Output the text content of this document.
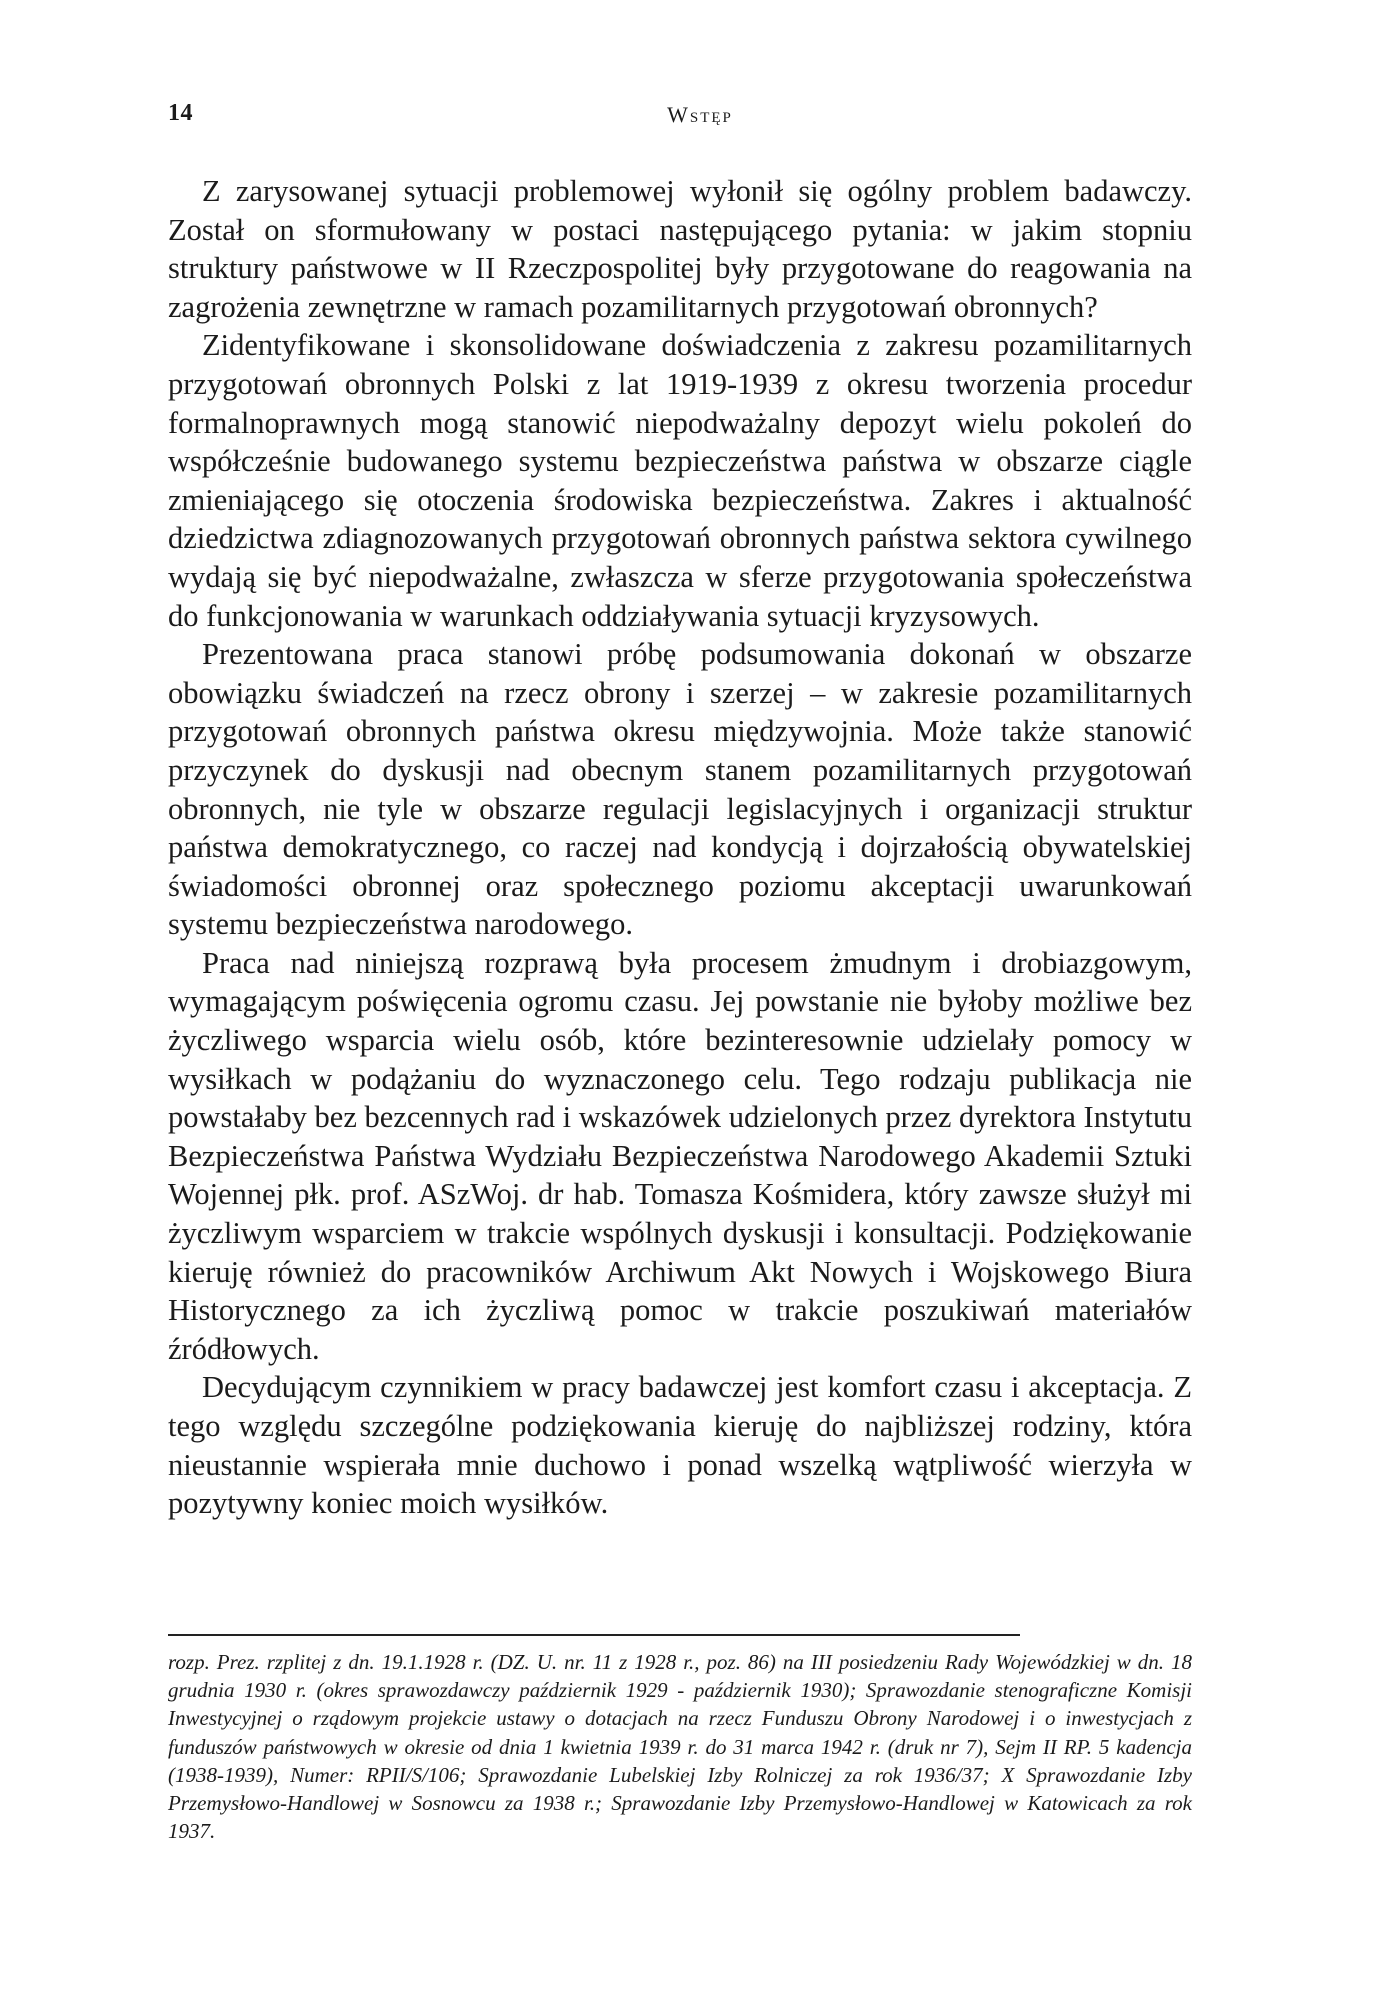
14	Wstęp

Z zarysowanej sytuacji problemowej wyłonił się ogólny problem badawczy. Został on sformułowany w postaci następującego pytania: w jakim stopniu struktury państwowe w II Rzeczpospolitej były przygotowane do reagowania na zagrożenia zewnętrzne w ramach pozamilitarnych przygotowań obronnych?

Zidentyfikowane i skonsolidowane doświadczenia z zakresu pozamilitarnych przygotowań obronnych Polski z lat 1919-1939 z okresu tworzenia procedur formalnoprawnych mogą stanowić niepodważalny depozyt wielu pokoleń do współcześnie budowanego systemu bezpieczeństwa państwa w obszarze ciągle zmieniającego się otoczenia środowiska bezpieczeństwa. Zakres i aktualność dziedzictwa zdiagnozowanych przygotowań obronnych państwa sektora cywilnego wydają się być niepodważalne, zwłaszcza w sferze przygotowania społeczeństwa do funkcjonowania w warunkach oddziaływania sytuacji kryzysowych.

Prezentowana praca stanowi próbę podsumowania dokonań w obszarze obowiązku świadczeń na rzecz obrony i szerzej – w zakresie pozamilitarnych przygotowań obronnych państwa okresu międzywojnia. Może także stanowić przyczynek do dyskusji nad obecnym stanem pozamilitarnych przygotowań obronnych, nie tyle w obszarze regulacji legislacyjnych i organizacji struktur państwa demokratycznego, co raczej nad kondycją i dojrzałością obywatelskiej świadomości obronnej oraz społecznego poziomu akceptacji uwarunkowań systemu bezpieczeństwa narodowego.

Praca nad niniejszą rozprawą była procesem żmudnym i drobiazgowym, wymagającym poświęcenia ogromu czasu. Jej powstanie nie byłoby możliwe bez życzliwego wsparcia wielu osób, które bezinteresownie udzielały pomocy w wysiłkach w podążaniu do wyznaczonego celu. Tego rodzaju publikacja nie powstałaby bez bezcennych rad i wskazówek udzielonych przez dyrektora Instytutu Bezpieczeństwa Państwa Wydziału Bezpieczeństwa Narodowego Akademii Sztuki Wojennej płk. prof. ASzWoj. dr hab. Tomasza Kośmidera, który zawsze służył mi życzliwym wsparciem w trakcie wspólnych dyskusji i konsultacji. Podziękowanie kieruję również do pracowników Archiwum Akt Nowych i Wojskowego Biura Historycznego za ich życzliwą pomoc w trakcie poszukiwań materiałów źródłowych.

Decydującym czynnikiem w pracy badawczej jest komfort czasu i akceptacja. Z tego względu szczególne podziękowania kieruję do najbliższej rodziny, która nieustannie wspierała mnie duchowo i ponad wszelką wątpliwość wierzyła w pozytywny koniec moich wysiłków.

rozp. Prez. rzplitej z dn. 19.1.1928 r. (DZ. U. nr. 11 z 1928 r., poz. 86) na III posiedzeniu Rady Wojewódzkiej w dn. 18 grudnia 1930 r. (okres sprawozdawczy październik 1929 - październik 1930); Sprawozdanie stenograficzne Komisji Inwestycyjnej o rządowym projekcie ustawy o dotacjach na rzecz Funduszu Obrony Narodowej i o inwestycjach z funduszów państwowych w okresie od dnia 1 kwietnia 1939 r. do 31 marca 1942 r. (druk nr 7), Sejm II RP. 5 kadencja (1938-1939), Numer: RPII/S/106; Sprawozdanie Lubelskiej Izby Rolniczej za rok 1936/37; X Sprawozdanie Izby Przemysłowo-Handlowej w Sosnowcu za 1938 r.; Sprawozdanie Izby Przemysłowo-Handlowej w Katowicach za rok 1937.
